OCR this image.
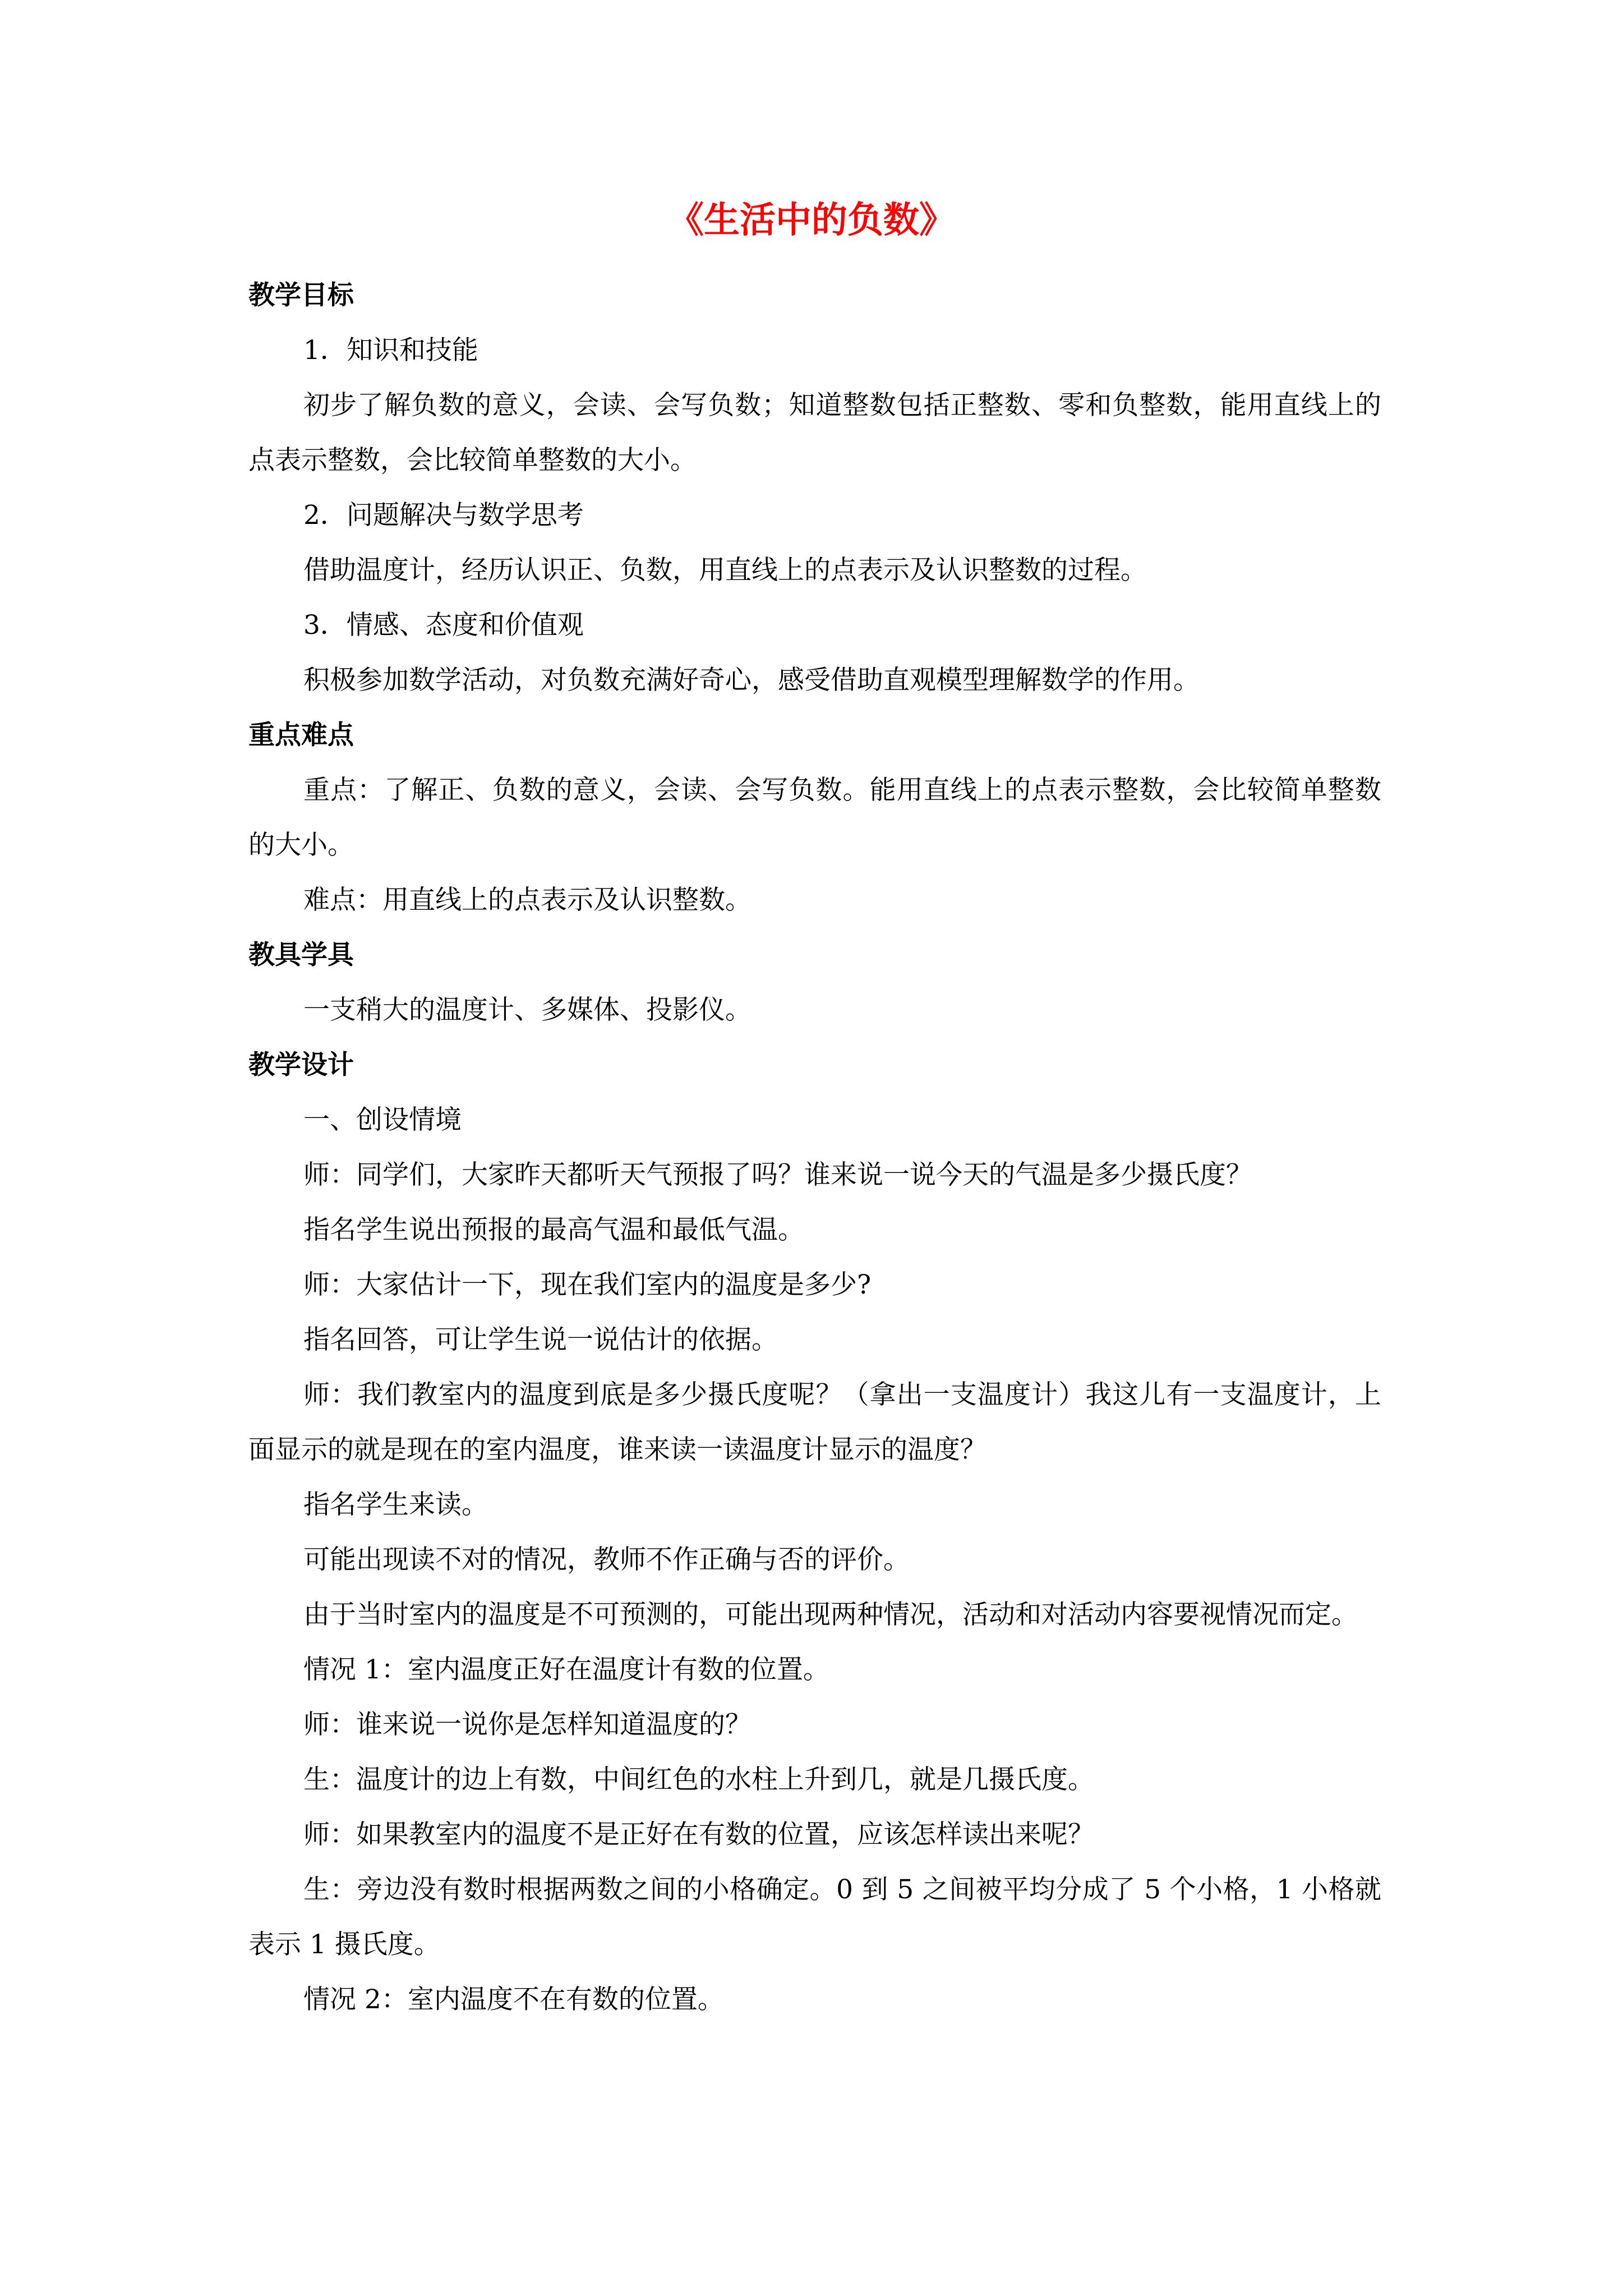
《生活中的负数》

教学目标

1．知识和技能

初步了解负数的意义，会读、会写负数；知道整数包括正整数、零和负整数，能用直线上的点表示整数，会比较简单整数的大小。

2．问题解决与数学思考

借助温度计，经历认识正、负数，用直线上的点表示及认识整数的过程。

3．情感、态度和价值观

积极参加数学活动，对负数充满好奇心，感受借助直观模型理解数学的作用。

重点难点

重点：了解正、负数的意义，会读、会写负数。能用直线上的点表示整数，会比较简单整数的大小。

难点：用直线上的点表示及认识整数。

教具学具

一支稍大的温度计、多媒体、投影仪。

教学设计

一、创设情境

师：同学们，大家昨天都听天气预报了吗？谁来说一说今天的气温是多少摄氏度？

指名学生说出预报的最高气温和最低气温。

师：大家估计一下，现在我们室内的温度是多少?

指名回答，可让学生说一说估计的依据。

师：我们教室内的温度到底是多少摄氏度呢？（拿出一支温度计）我这儿有一支温度计，上面显示的就是现在的室内温度，谁来读一读温度计显示的温度？

指名学生来读。

可能出现读不对的情况，教师不作正确与否的评价。

由于当时室内的温度是不可预测的，可能出现两种情况，活动和对活动内容要视情况而定。

情况 1：室内温度正好在温度计有数的位置。

师：谁来说一说你是怎样知道温度的？

生：温度计的边上有数，中间红色的水柱上升到几，就是几摄氏度。

师：如果教室内的温度不是正好在有数的位置，应该怎样读出来呢？

生：旁边没有数时根据两数之间的小格确定。0 到 5 之间被平均分成了 5 个小格，1 小格就表示 1 摄氏度。

情况 2：室内温度不在有数的位置。
